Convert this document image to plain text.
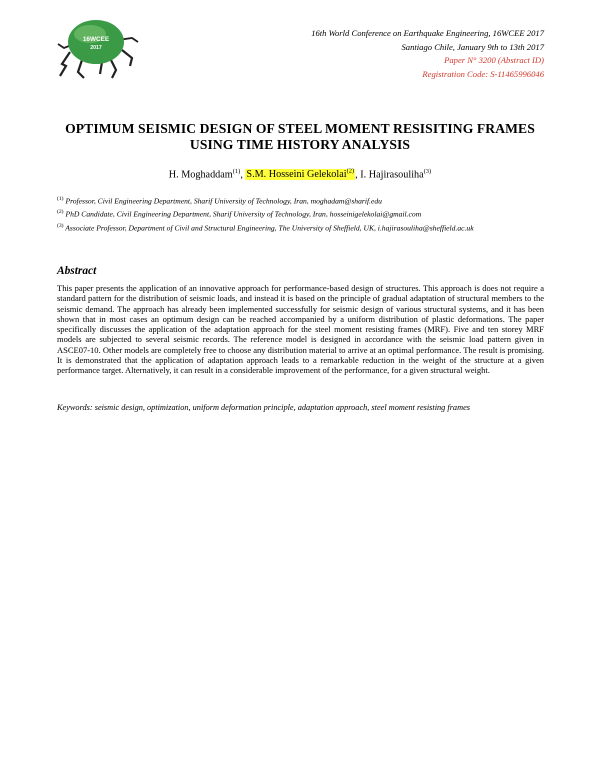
16WCEE
2017
16th World Conference on Earthquake Engineering, 16WCEE 2017
Santiago Chile, January 9th to 13th 2017
Paper N° 3200 (Abstract ID)
Registration Code: S-11465996046
OPTIMUM SEISMIC DESIGN OF STEEL MOMENT RESISITING FRAMES
USING TIME HISTORY ANALYSIS
H. Moghaddam$^{(1)}$, S.M. Hosseini Gelekolai$^{(2)}$, I. Hajirasouliha$^{(3)}$
$^{(1)}$ Professor, Civil Engineering Department, Sharif University of Technology, Iran, moghadam@sharif.edu
$^{(2)}$ PhD Candidate, Civil Engineering Department, Sharif University of Technology, Iran, hosseinigelekolai@gmail.com
$^{(3)}$ Associate Professor, Department of Civil and Structural Engineering, The University of Sheffield, UK, i.hajirasouliha@sheffield.ac.uk
Abstract
This paper presents the application of an innovative approach for performance-based design of structures. This approach is does not require a standard pattern for the distribution of seismic loads, and instead it is based on the principle of gradual adaptation of structural members to the seismic demand. The approach has already been implemented successfully for seismic design of various structural systems, and it has been shown that in most cases an optimum design can be reached accompanied by a uniform distribution of plastic deformations. The paper specifically discusses the application of the adaptation approach for the steel moment resisting frames (MRF). Five and ten storey MRF models are subjected to several seismic records. The reference model is designed in accordance with the seismic load pattern given in ASCE07-10. Other models are completely free to choose any distribution material to arrive at an optimal performance. The result is promising. It is demonstrated that the application of adaptation approach leads to a remarkable reduction in the weight of the structure at a given performance target. Alternatively, it can result in a considerable improvement of the performance, for a given structural weight.
Keywords: seismic design, optimization, uniform deformation principle, adaptation approach, steel moment resisting frames
